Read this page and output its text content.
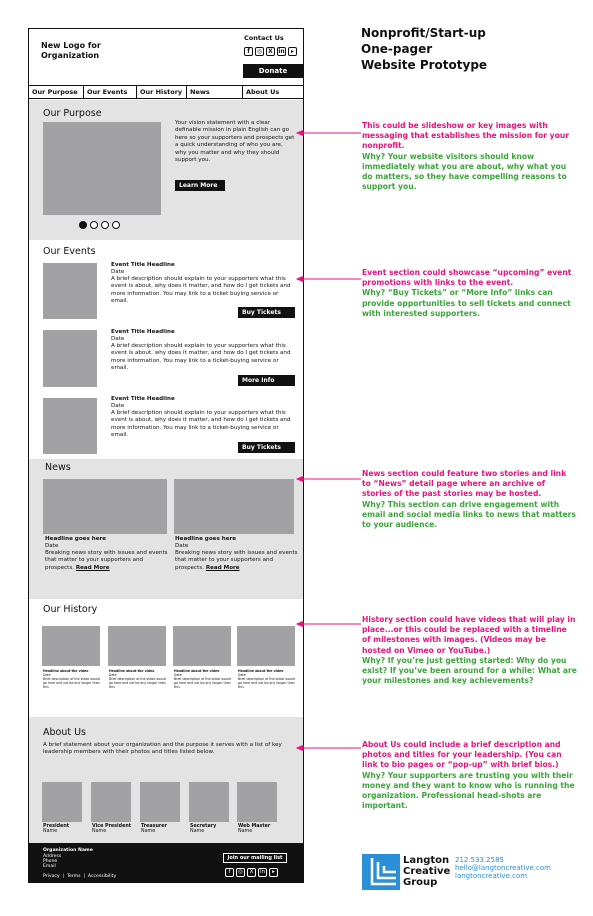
Nonprofit/Start-up
One-pager
Website Prototype
New Logo for
Organization
Contact Us
f	◎	X in	▸
Donate
Our Purpose	Our Events	Our History	News	About Us
Our Purpose
Your vision statement with a clear definable mission in plain English can go here so your supporters and prospects get a quick understanding of who you are, why you matter and why they should support you.
Learn More
Our Events
Event Title Headline
Date
A brief description should explain to your supporters what this event is about, why does it matter, and how do I get tickets and more information. You may link to a ticket buying service or email.
Buy Tickets
Event Title Headline
Date
A brief description should explain to your supporters what this event is about, why does it matter, and how do I get tickets and more information. You may link to a ticket-buying service or email.
More Info
Event Title Headline
Date
A brief description should explain to your supporters what this event is about, why does it matter, and how do I get tickets and more information. You may link to a ticket-buying service or email.
Buy Tickets
News
Headline goes here
Date
Breaking news story with issues and events that matter to your supporters and prospects. Read More
Headline goes here
Date
Breaking news story with issues and events that matter to your supporters and prospects. Read More
Our History
Headline about the video
Date
Brief description of the video would go here and not be any longer than this
Headline about the video
Date
Brief description of the video would go here and not be any longer than this
Headline about the video
Date
Brief description of the video would go here and not be any longer than this
Headline about the video
Date
Brief description of the video would go here and not be any longer than this
About Us
A brief statement about your organization and the purpose it serves with a list of key leadership members with their photos and titles listed below.
President
Name
Vice President
Name
Treasurer
Name
Secretary
Name
Web Master
Name
Organization Name
Address
Phone
Email
Privacy  |  Terms  |  Accessibility
Join our mailing list
f	◎	X	in	▸
This could be slideshow or key images with messaging that establishes the mission for your nonprofit.
Why? Your website visitors should know immediately what you are about, why what you do matters, so they have compelling reasons to support you.
Event section could showcase “upcoming” event promotions with links to the event.
Why? “Buy Tickets” or “More Info” links can provide opportunities to sell tickets and connect with interested supporters.
News section could feature two stories and link to “News” detail page where an archive of stories of the past stories may be hosted.
Why? This section can drive engagement with email and social media links to news that matters to your audience.
History section could have videos that will play in place...or this could be replaced with a timeline of milestones with images. (Videos may be hosted on Vimeo or YouTube.)
Why? If you’re just getting started: Why do you exist? If you’ve been around for a while: What are your milestones and key achievements?
About Us could include a brief description and photos and titles for your leadership. (You can link to bio pages or “pop-up” with brief bios.)
Why? Your supporters are trusting you with their money and they want to know who is running the organization. Professional head-shots are important.
Langton
Creative
Group
212.533.2585
hello@langtoncreative.com
langtoncreative.com
